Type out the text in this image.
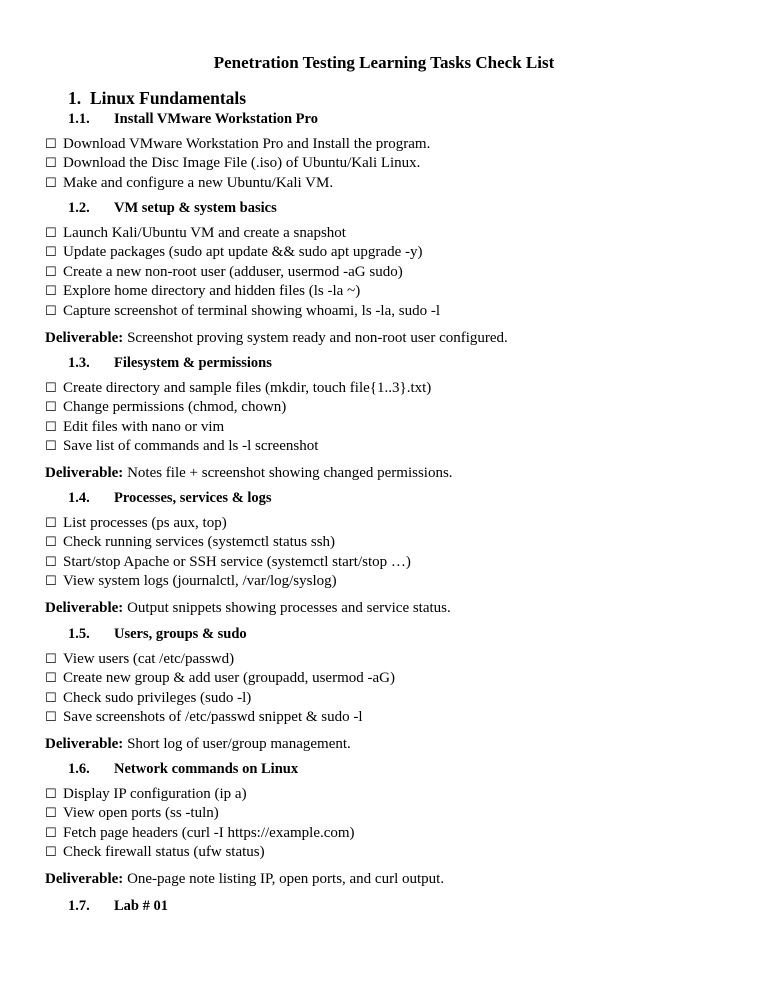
Penetration Testing Learning Tasks Check List
1. Linux Fundamentals
1.1. Install VMware Workstation Pro
☐ Download VMware Workstation Pro and Install the program.
☐ Download the Disc Image File (.iso) of Ubuntu/Kali Linux.
☐ Make and configure a new Ubuntu/Kali VM.
1.2. VM setup & system basics
☐ Launch Kali/Ubuntu VM and create a snapshot
☐ Update packages (sudo apt update && sudo apt upgrade -y)
☐ Create a new non-root user (adduser, usermod -aG sudo)
☐ Explore home directory and hidden files (ls -la ~)
☐ Capture screenshot of terminal showing whoami, ls -la, sudo -l
Deliverable: Screenshot proving system ready and non-root user configured.
1.3. Filesystem & permissions
☐ Create directory and sample files (mkdir, touch file{1..3}.txt)
☐ Change permissions (chmod, chown)
☐ Edit files with nano or vim
☐ Save list of commands and ls -l screenshot
Deliverable: Notes file + screenshot showing changed permissions.
1.4. Processes, services & logs
☐ List processes (ps aux, top)
☐ Check running services (systemctl status ssh)
☐ Start/stop Apache or SSH service (systemctl start/stop …)
☐ View system logs (journalctl, /var/log/syslog)
Deliverable: Output snippets showing processes and service status.
1.5. Users, groups & sudo
☐ View users (cat /etc/passwd)
☐ Create new group & add user (groupadd, usermod -aG)
☐ Check sudo privileges (sudo -l)
☐ Save screenshots of /etc/passwd snippet & sudo -l
Deliverable: Short log of user/group management.
1.6. Network commands on Linux
☐ Display IP configuration (ip a)
☐ View open ports (ss -tuln)
☐ Fetch page headers (curl -I https://example.com)
☐ Check firewall status (ufw status)
Deliverable: One-page note listing IP, open ports, and curl output.
1.7. Lab # 01
